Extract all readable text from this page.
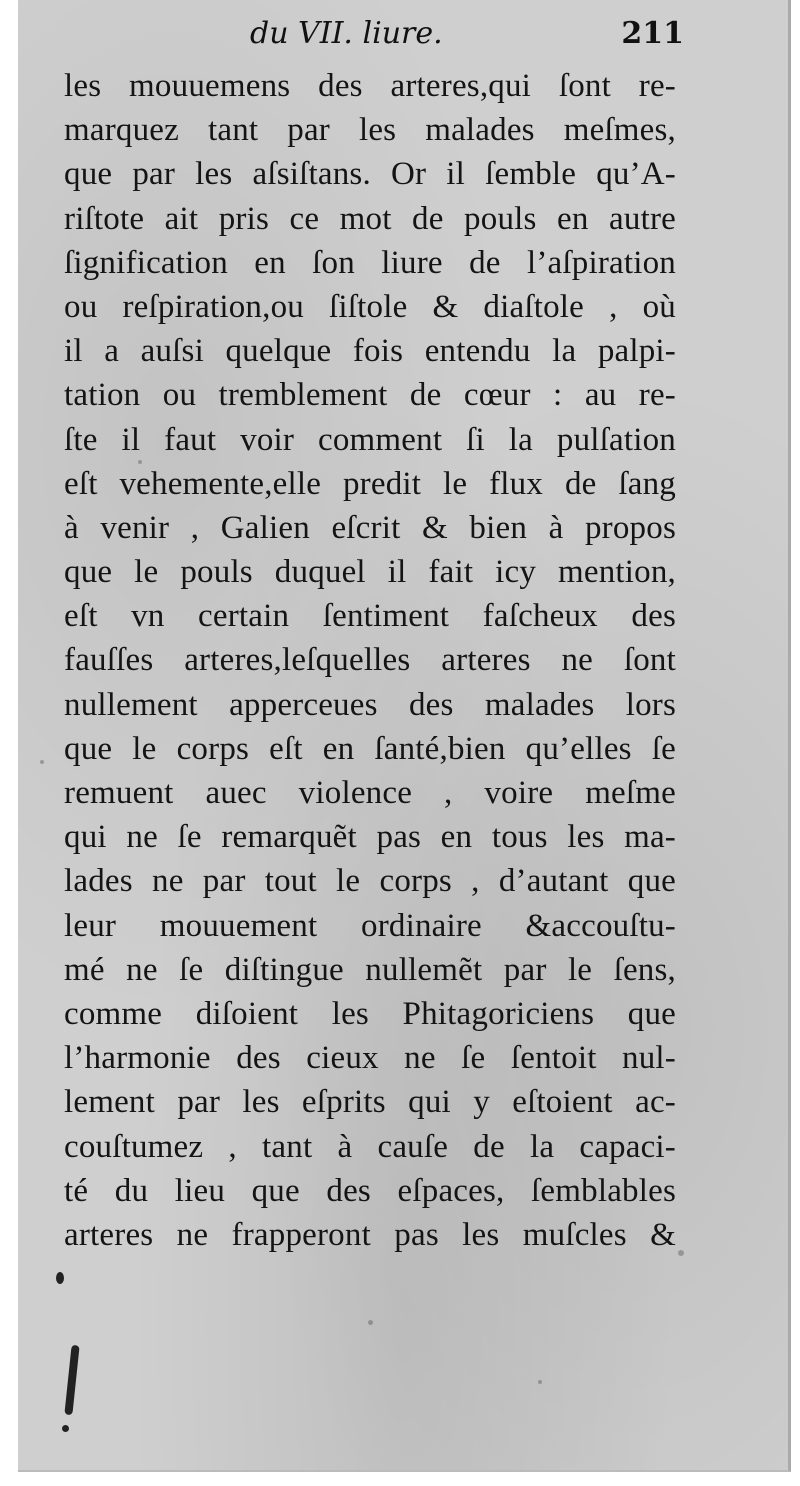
du VII. liure.	211
les mouuemens des arteres,qui ſont re-
marquez tant par les malades meſmes,
que par les aſsiſtans. Or il ſemble qu’A-
riſtote ait pris ce mot de pouls en autre
ſignification en ſon liure de l’aſpiration
ou reſpiration,ou ſiſtole & diaſtole , où
il a auſsi quelque fois entendu la palpi-
tation ou tremblement de cœur : au re-
ſte il faut voir comment ſi la pulſation
eſt vehemente,elle predit le flux de ſang
à venir , Galien eſcrit & bien à propos
que le pouls duquel il fait icy mention,
eſt vn certain ſentiment faſcheux des
fauſſes arteres,leſquelles arteres ne ſont
nullement apperceues des malades lors
que le corps eſt en ſanté,bien qu’elles ſe
remuent auec violence , voire meſme
qui ne ſe remarquẽt pas en tous les ma-
lades ne par tout le corps , d’autant que
leur mouuement ordinaire &accouſtu-
mé ne ſe diſtingue nullemẽt par le ſens,
comme diſoient les Phitagoriciens que
l’harmonie des cieux ne ſe ſentoit nul-
lement par les eſprits qui y eſtoient ac-
couſtumez , tant à cauſe de la capaci-
té du lieu que des eſpaces, ſemblables
arteres ne frapperont pas les muſcles &
